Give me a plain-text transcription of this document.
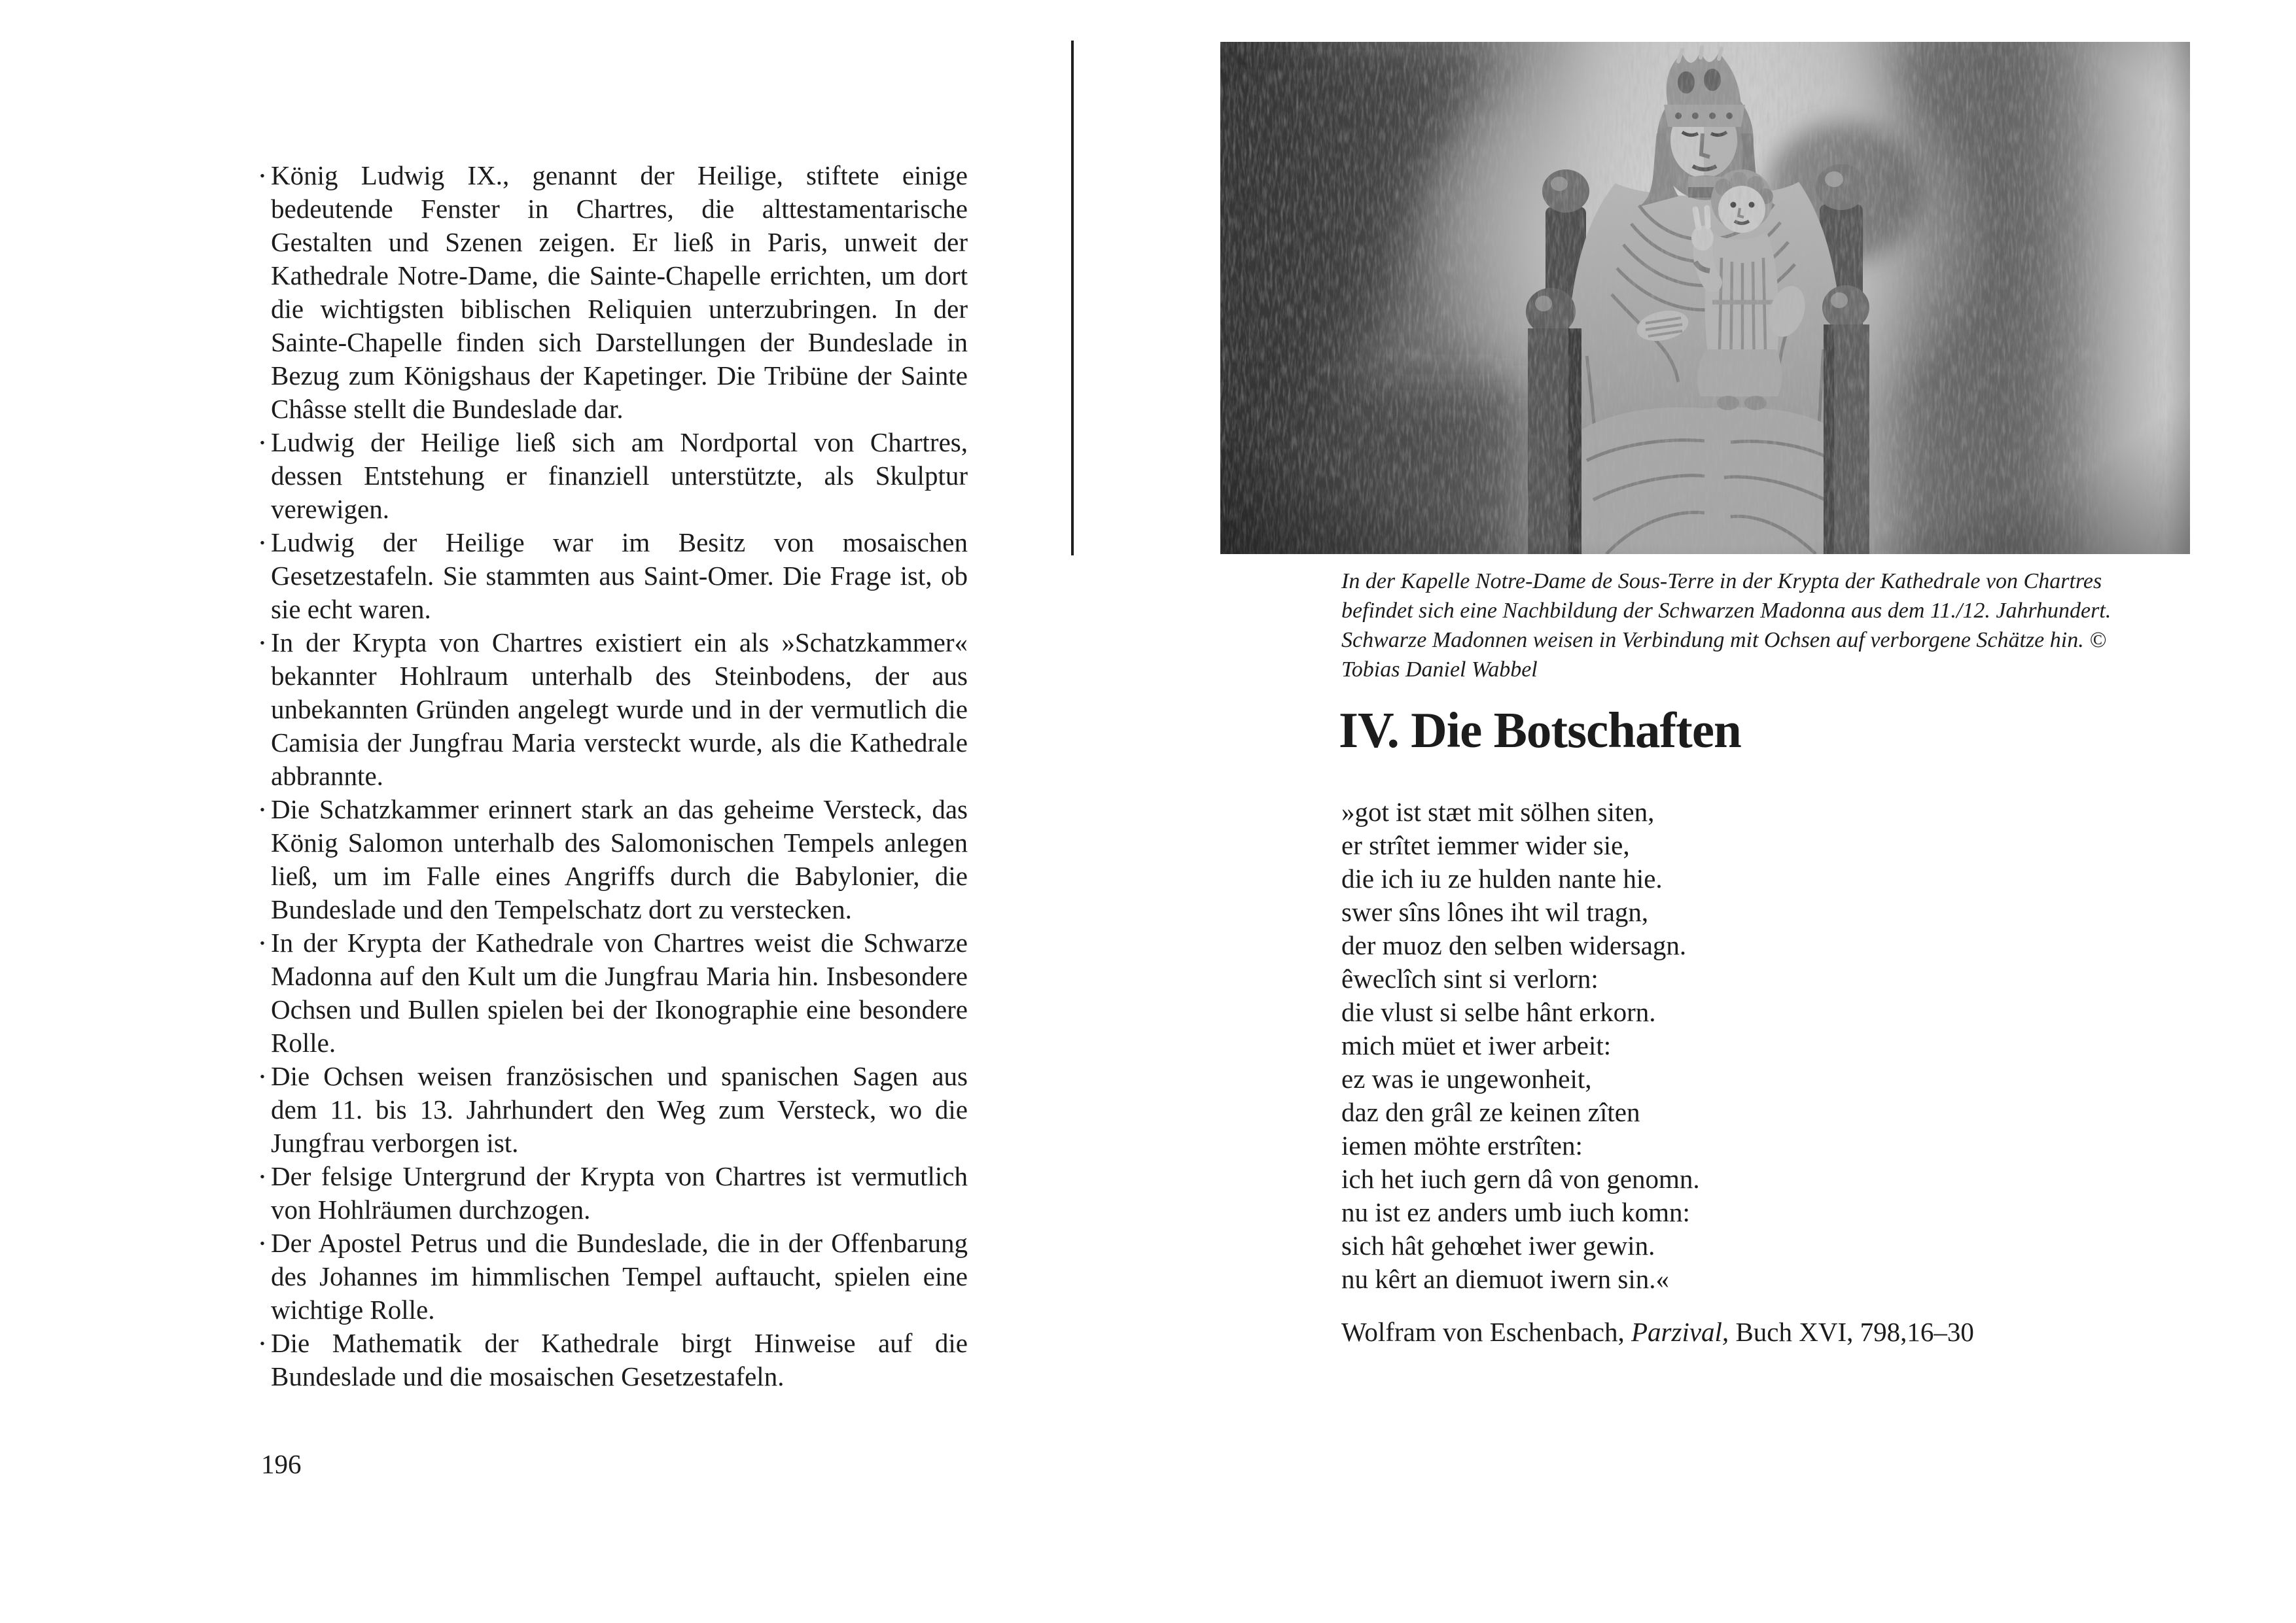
• König Ludwig IX., genannt der Heilige, stiftete einige bedeutende Fenster in Chartres, die alttestamentarische Gestalten und Szenen zeigen. Er ließ in Paris, unweit der Kathedrale Notre-Dame, die Sainte-Chapelle errichten, um dort die wichtigsten biblischen Reliquien unterzubringen. In der Sainte-Chapelle finden sich Darstellungen der Bundeslade in Bezug zum Königshaus der Kapetinger. Die Tribüne der Sainte Châsse stellt die Bundeslade dar.
• Ludwig der Heilige ließ sich am Nordportal von Chartres, dessen Entstehung er finanziell unterstützte, als Skulptur verewigen.
• Ludwig der Heilige war im Besitz von mosaischen Gesetzestafeln. Sie stammten aus Saint-Omer. Die Frage ist, ob sie echt waren.
• In der Krypta von Chartres existiert ein als »Schatzkammer« bekannter Hohlraum unterhalb des Steinbodens, der aus unbekannten Gründen angelegt wurde und in der vermutlich die Camisia der Jungfrau Maria versteckt wurde, als die Kathedrale abbrannte.
• Die Schatzkammer erinnert stark an das geheime Versteck, das König Salomon unterhalb des Salomonischen Tempels anlegen ließ, um im Falle eines Angriffs durch die Babylonier, die Bundeslade und den Tempelschatz dort zu verstecken.
• In der Krypta der Kathedrale von Chartres weist die Schwarze Madonna auf den Kult um die Jungfrau Maria hin. Insbesondere Ochsen und Bullen spielen bei der Ikonographie eine besondere Rolle.
• Die Ochsen weisen französischen und spanischen Sagen aus dem 11. bis 13. Jahrhundert den Weg zum Versteck, wo die Jungfrau verborgen ist.
• Der felsige Untergrund der Krypta von Chartres ist vermutlich von Hohlräumen durchzogen.
• Der Apostel Petrus und die Bundeslade, die in der Offenbarung des Johannes im himmlischen Tempel auftaucht, spielen eine wichtige Rolle.
• Die Mathematik der Kathedrale birgt Hinweise auf die Bundeslade und die mosaischen Gesetzestafeln.
196
In der Kapelle Notre-Dame de Sous-Terre in der Krypta der Kathedrale von Chartres befindet sich eine Nachbildung der Schwarzen Madonna aus dem 11./12. Jahrhundert. Schwarze Madonnen weisen in Verbindung mit Ochsen auf verborgene Schätze hin. © Tobias Daniel Wabbel
IV. Die Botschaften
»got ist stæt mit sölhen siten,
er strîtet iemmer wider sie,
die ich iu ze hulden nante hie.
swer sîns lônes iht wil tragn,
der muoz den selben widersagn.
êweclîch sint si verlorn:
die vlust si selbe hânt erkorn.
mich müet et iwer arbeit:
ez was ie ungewonheit,
daz den grâl ze keinen zîten
iemen möhte erstrîten:
ich het iuch gern dâ von genomn.
nu ist ez anders umb iuch komn:
sich hât gehœhet iwer gewin.
nu kêrt an diemuot iwern sin.«
Wolfram von Eschenbach, Parzival, Buch XVI, 798,16–30
